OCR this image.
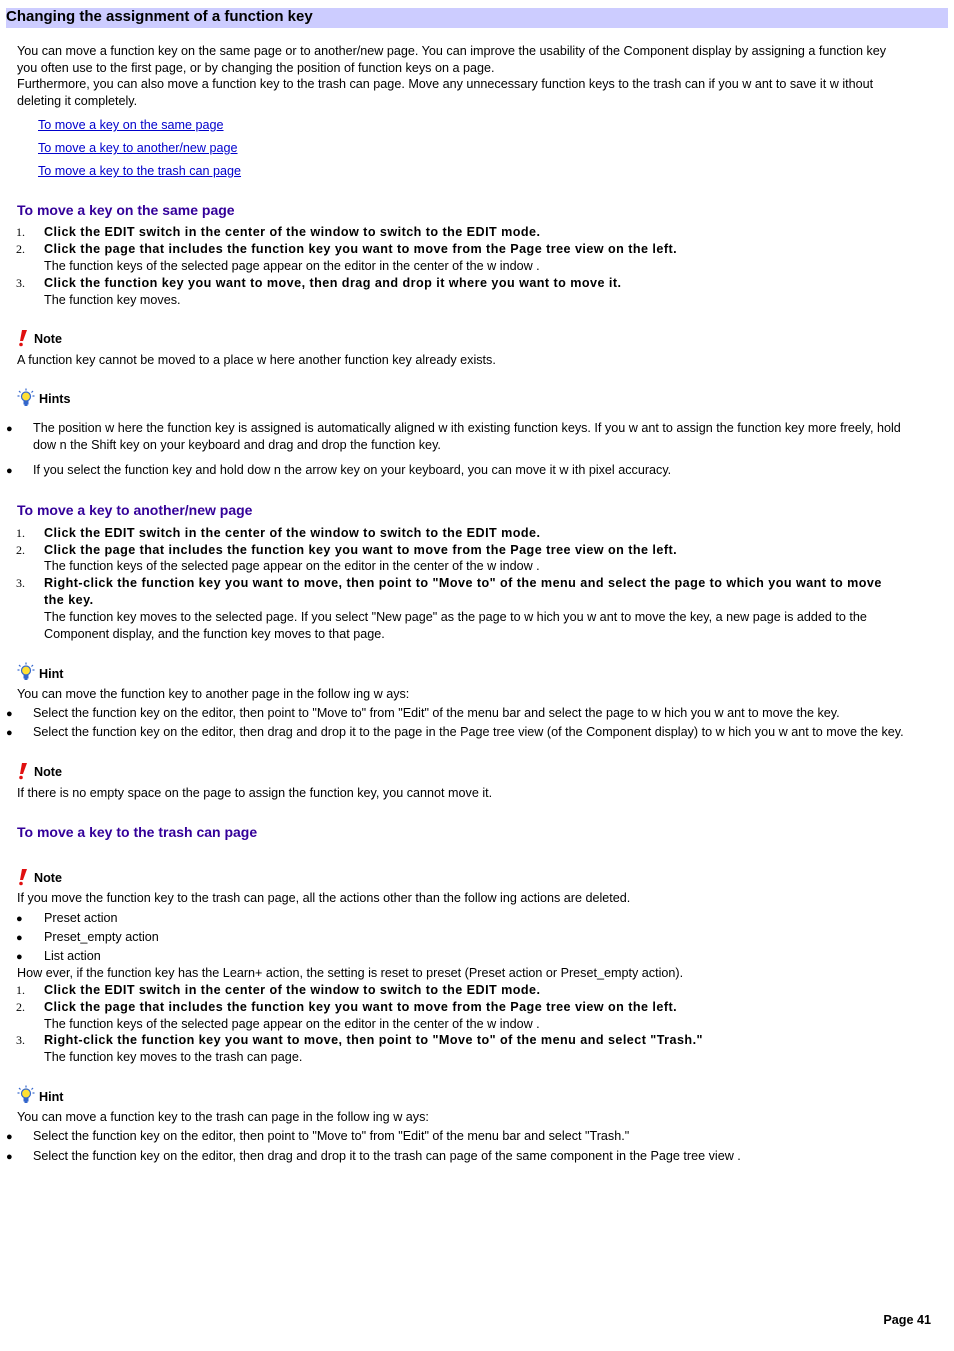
Changing the assignment of a function key
You can move a function key on the same page or to another/new page. You can improve the usability of the Component display by assigning a function key
you often use to the first page, or by changing the position of function keys on a page.
Furthermore, you can also move a function key to the trash can page. Move any unnecessary function keys to the trash can if you w ant to save it w ithout
deleting it completely.
To move a key on the same page
To move a key to another/new page
To move a key to the trash can page
To move a key on the same page
1. Click the EDIT switch in the center of the window to switch to the EDIT mode.
2. Click the page that includes the function key you want to move from the Page tree view on the left.
The function keys of the selected page appear on the editor in the center of the w indow .
3. Click the function key you want to move, then drag and drop it where you want to move it.
The function key moves.
Note
A function key cannot be moved to a place w here another function key already exists.
Hints
● The position w here the function key is assigned is automatically aligned w ith existing function keys. If you w ant to assign the function key more freely, hold
dow n the Shift key on your keyboard and drag and drop the function key.
● If you select the function key and hold dow n the arrow key on your keyboard, you can move it w ith pixel accuracy.
To move a key to another/new page
1. Click the EDIT switch in the center of the window to switch to the EDIT mode.
2. Click the page that includes the function key you want to move from the Page tree view on the left.
The function keys of the selected page appear on the editor in the center of the w indow .
3. Right-click the function key you want to move, then point to "Move to" of the menu and select the page to which you want to move
the key.
The function key moves to the selected page. If you select "New page" as the page to w hich you w ant to move the key, a new page is added to the
Component display, and the function key moves to that page.
Hint
You can move the function key to another page in the follow ing w ays:
● Select the function key on the editor, then point to "Move to" from "Edit" of the menu bar and select the page to w hich you w ant to move the key.
● Select the function key on the editor, then drag and drop it to the page in the Page tree view (of the Component display) to w hich you w ant to move the key.
Note
If there is no empty space on the page to assign the function key, you cannot move it.
To move a key to the trash can page
Note
If you move the function key to the trash can page, all the actions other than the follow ing actions are deleted.
● Preset action
● Preset_empty action
● List action
How ever, if the function key has the Learn+ action, the setting is reset to preset (Preset action or Preset_empty action).
1. Click the EDIT switch in the center of the window to switch to the EDIT mode.
2. Click the page that includes the function key you want to move from the Page tree view on the left.
The function keys of the selected page appear on the editor in the center of the w indow .
3. Right-click the function key you want to move, then point to "Move to" of the menu and select "Trash."
The function key moves to the trash can page.
Hint
You can move a function key to the trash can page in the follow ing w ays:
● Select the function key on the editor, then point to "Move to" from "Edit" of the menu bar and select "Trash."
● Select the function key on the editor, then drag and drop it to the trash can page of the same component in the Page tree view .
Page 41
